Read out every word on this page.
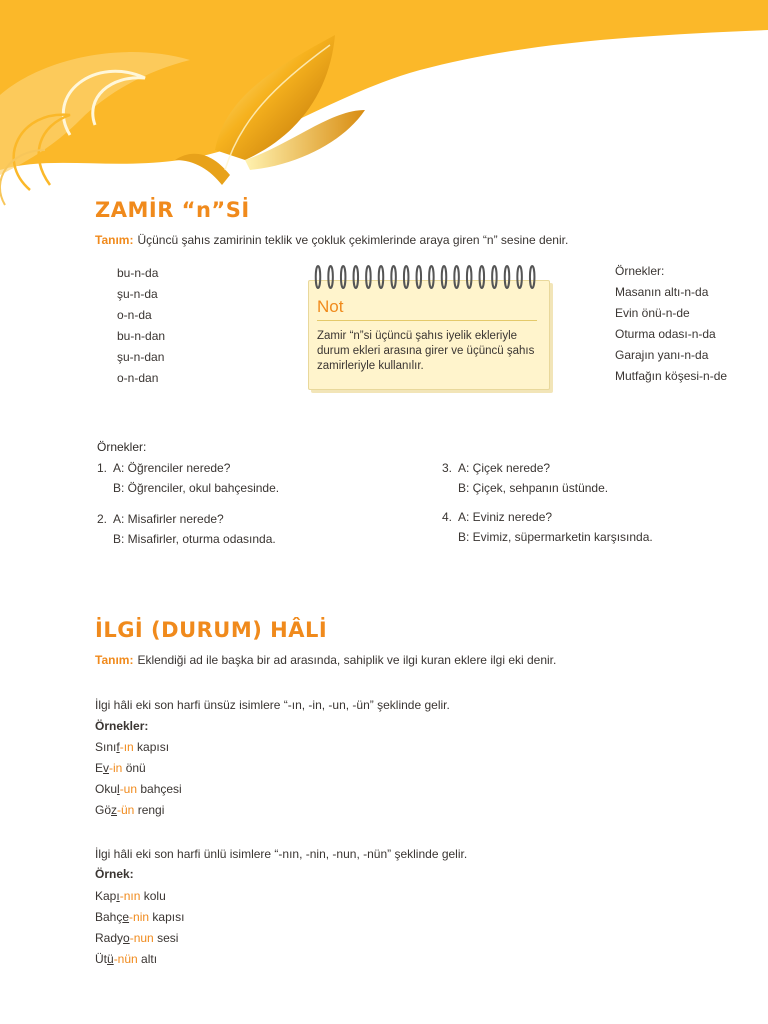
ZAMİR “n”Sİ
Tanım: Üçüncü şahıs zamirinin teklik ve çokluk çekimlerinde araya giren “n” sesine denir.
bu-n-da
şu-n-da
o-n-da
bu-n-dan
şu-n-dan
o-n-dan
Not
Zamir “n”si üçüncü şahıs iyelik ekleriyle durum ekleri arasına girer ve üçüncü şahıs zamirleriyle kullanılır.
Örnekler:
Masanın altı-n-da
Evin önü-n-de
Oturma odası-n-da
Garajın yanı-n-da
Mutfağın köşesi-n-de
Örnekler:
1. A: Öğrenciler nerede?
B: Öğrenciler, okul bahçesinde.
2. A: Misafirler nerede?
B: Misafirler, oturma odasında.
3. A: Çiçek nerede?
B: Çiçek, sehpanın üstünde.
4. A: Eviniz nerede?
B: Evimiz, süpermarketin karşısında.
İLGİ (DURUM) HÂLİ
Tanım: Eklendiği ad ile başka bir ad arasında, sahiplik ve ilgi kuran eklere ilgi eki denir.
İlgi hâli eki son harfi ünsüz isimlere “-ın, -in, -un, -ün” şeklinde gelir.
Örnekler:
Sınıf-ın kapısı
Ev-in önü
Okul-un bahçesi
Göz-ün rengi
İlgi hâli eki son harfi ünlü isimlere “-nın, -nin, -nun, -nün” şeklinde gelir.
Örnek:
Kapı-nın kolu
Bahçe-nin kapısı
Radyo-nun sesi
Ütü-nün altı
